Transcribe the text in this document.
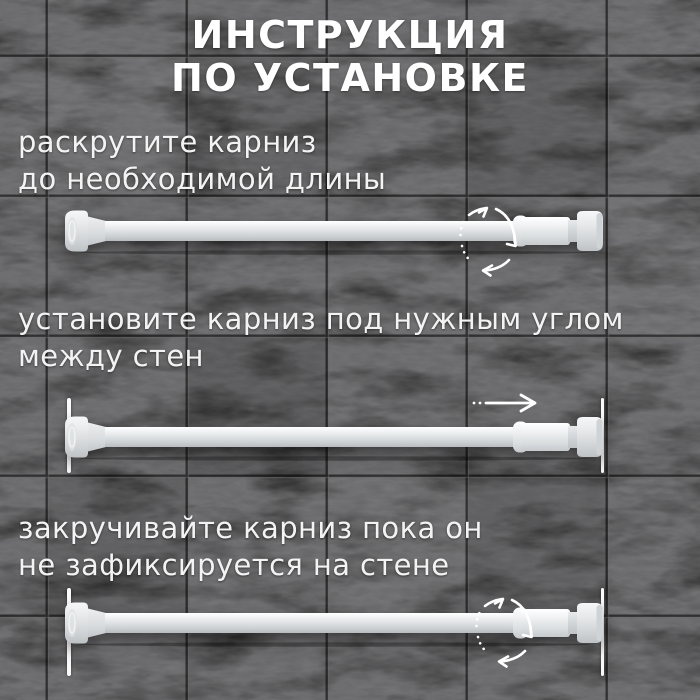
ИНСТРУКЦИЯ
ПО УСТАНОВКЕ

раскрутите карниз
до необходимой длины

установите карниз под нужным углом
между стен

закручивайте карниз пока он
не зафиксируется на стене
